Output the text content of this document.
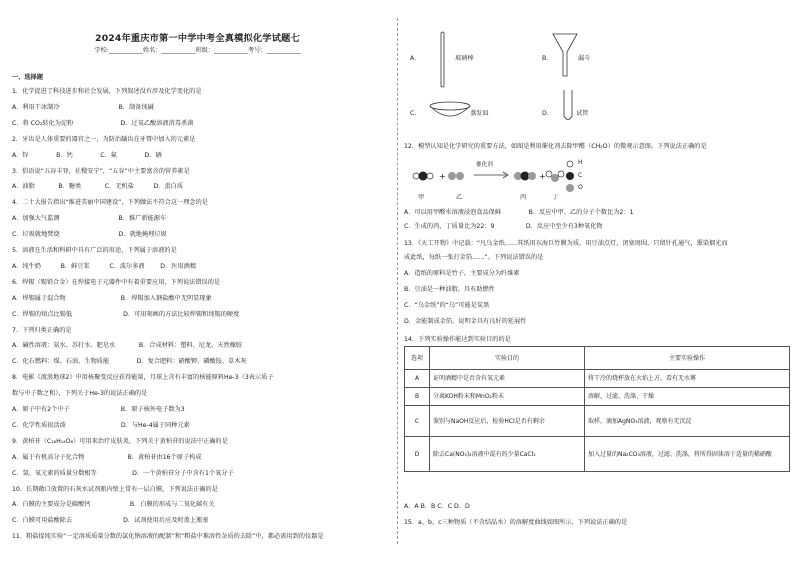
2024年重庆市第一中学中考全真模拟化学试题七
学校:___________姓名：___________班级：___________考号：___________
一、选择题
1．化学促进了科技进步和社会发展，下列叙述没有涉及化学变化的是
A．利用干冰制冷                              B．制备纯碱
C．将 CO₂转化为淀粉                        D．过氧乙酸溶液消毒杀菌
2．牙齿是人体重要的器官之一，为防治龋齿在牙膏中加入的元素是
A．锌              B．钙              C．氟              D．硒
3．俗语说“五谷丰登，社稷安宁”，“五谷”中主要富含的营养素是
A．油脂            B．糖类            C．无机盐          D．蛋白质
4．二十大报告指出“推进美丽中国建设”，下列做法不符合这一理念的是
A．加强大气监测                              B．推广新能源车
C．垃圾就地焚烧                              D．就地掩埋垃圾
5．溶液在生活和科研中具有广泛的用途，下列属于溶液的是
A．纯牛奶          B．鲜豆浆          C．波尔多液        D．医用酒精
6．焊锡（锡铅合金）在焊接电子元器件中有着重要应用，下列说法错误的是
A．焊锡属于混合物                            B．焊锡加入钢盐酸中无明显现象
C．焊锡的熔点比锡低                          D．可用刻画的方法比较焊锡和纯锡的硬度
7．下列归类正确的是
A．碱性溶液：氨水、苏打水、肥皂水            B．合成材料：塑料、尼龙、天然橡胶
C．化石燃料：煤、石油、生物质能              D．复合肥料：硝酸钾、磷酸铵、草木灰
8．电影《流浪地球2》中用核聚变反应获得能量，月球上含有丰富的核能原料He-3（3表示质子
数与中子数之和），下列关于He-3的说法正确的是
A．原子中有2个中子                          B．原子核外电子数为3
C．化学性质很活泼                            D．与He-4属于同种元素
9．黄柏苷（C₁₆H₁₄O₆）可用来治疗皮肤炎，下列关于黄柏苷的说法中正确的是
A．属于有机高分子化合物                      B．黄柏苷由16个原子构成
C．氢、氧元素的质量分数相等                  D．一个黄柏苷分子中含有1个氧分子
10．长期敞口放置的石灰水试剂瓶内壁上常有一层白膜，下列说法正确的是
A．白膜的主要成分是碳酸钙                    B．白膜的形成与二氧化碳有关
C．白膜可用盐酸除去                          D．试剂使用后应及时盖上瓶塞
11．粗盐提纯实验“一定溶质质量分数的氯化钠溶液的配制”和“粗盐中难溶性杂质的去除”中，都必需用到的仪器是
A．	玻璃棒	B．	漏斗
C．	蒸发皿	D．	试管
12．模型认知是化学研究的重要方法，如图是利用催化剂去除甲醛（CH₂O）的微观示意图。下列说法正确的是
+	+
催化剂	H
C
O
甲	乙	丙	丁
A．可以用甲醛水溶液浸泡食品保鲜              B．反应中甲、乙的分子个数比为2：1
C．生成的丙、丁质量比为22：9                D．反应中至少有3种氧化物
13．《天工开物》中记载：“凡乌金纸……其纸用东海巨竹膜为质，用豆油点灯，闭塞周围，只留针孔通气，熏染烟光而
成此纸，每纸一张打金箔……”。下列说法错误的是
A．造纸的原料是竹子，主要成分为纤维素
B．豆油是一种油脂，具有助燃性
C．“乌金纸”的“乌”可能是炭黑
D．金能制成金箔，说明金具有良好的延展性
14．下列实验操作能达到实验目的的是
选项	实验目的	主要实验操作
A	证明酒精中是否含有氧元素	将干冷的烧杯放在火焰上方，看有无水雾
B	分离KOH粉末和MnO₂粉末	溶解、过滤、洗涤、干燥
C	鉴别与NaOH反应后，检验HCl是否有剩余	取样，滴加AgNO₃溶液，观察有无沉淀
D	除去Ca(NO₃)₂溶液中混有的少量CaCl₂	加入过量的Na₂CO₃溶液，过滤、洗涤，将所得固体溶于适量的稀硝酸
A．A B．B C．C D．D
15．a、b、c三种物质（不含结晶水）的溶解度曲线如图所示。下列说法正确的是
